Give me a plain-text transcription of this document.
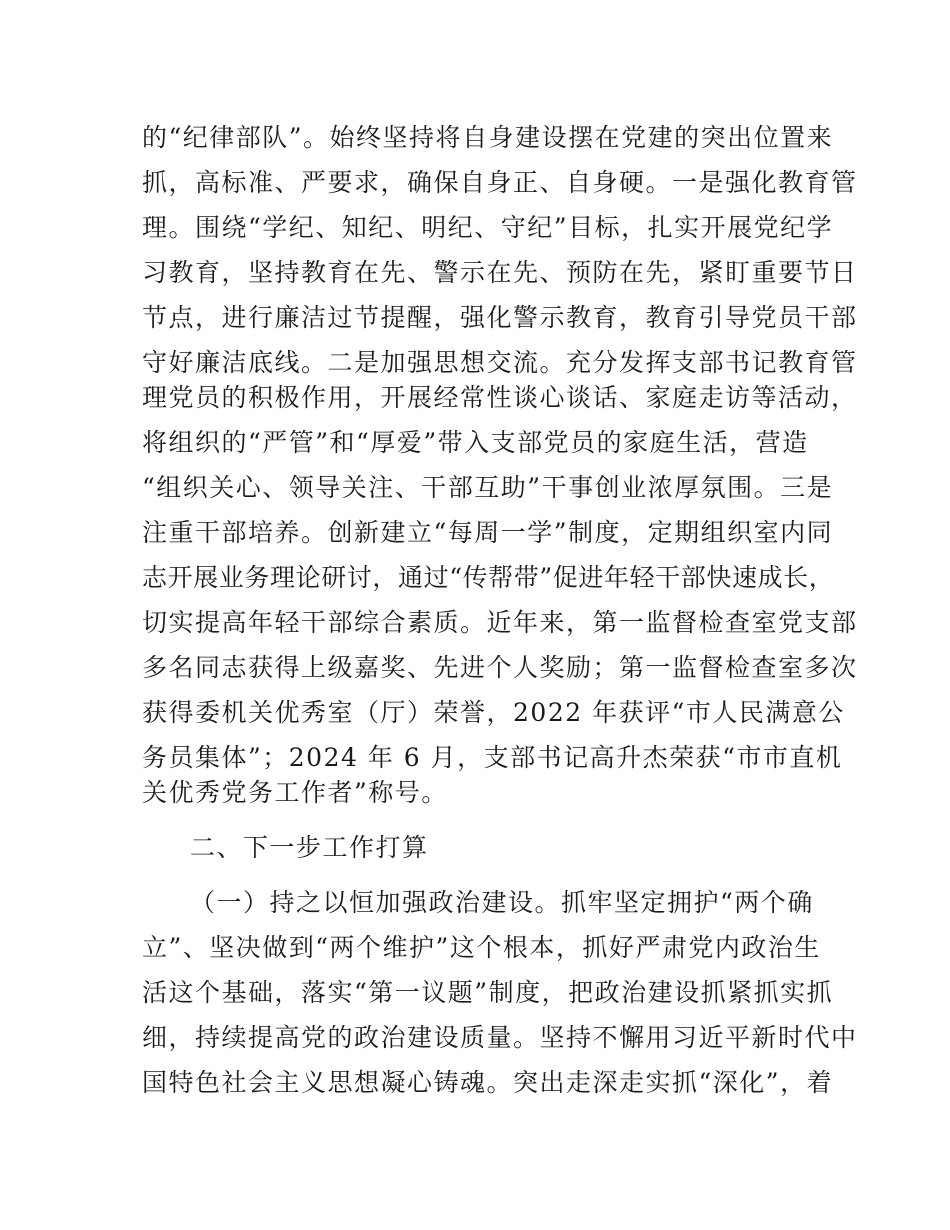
的“纪律部队”。始终坚持将自身建设摆在党建的突出位置来
抓，高标准、严要求，确保自身正、自身硬。一是强化教育管
理。围绕“学纪、知纪、明纪、守纪”目标，扎实开展党纪学
习教育，坚持教育在先、警示在先、预防在先，紧盯重要节日
节点，进行廉洁过节提醒，强化警示教育，教育引导党员干部
守好廉洁底线。二是加强思想交流。充分发挥支部书记教育管
理党员的积极作用，开展经常性谈心谈话、家庭走访等活动，
将组织的“严管”和“厚爱”带入支部党员的家庭生活，营造
“组织关心、领导关注、干部互助”干事创业浓厚氛围。三是
注重干部培养。创新建立“每周一学”制度，定期组织室内同
志开展业务理论研讨，通过“传帮带”促进年轻干部快速成长，
切实提高年轻干部综合素质。近年来，第一监督检查室党支部
多名同志获得上级嘉奖、先进个人奖励；第一监督检查室多次
获得委机关优秀室（厅）荣誉，2022 年获评“市人民满意公
务员集体”；2024 年 6 月，支部书记高升杰荣获“市市直机
关优秀党务工作者”称号。
二、下一步工作打算
（一）持之以恒加强政治建设。抓牢坚定拥护“两个确
立”、坚决做到“两个维护”这个根本，抓好严肃党内政治生
活这个基础，落实“第一议题”制度，把政治建设抓紧抓实抓
细，持续提高党的政治建设质量。坚持不懈用习近平新时代中
国特色社会主义思想凝心铸魂。突出走深走实抓“深化”，着
